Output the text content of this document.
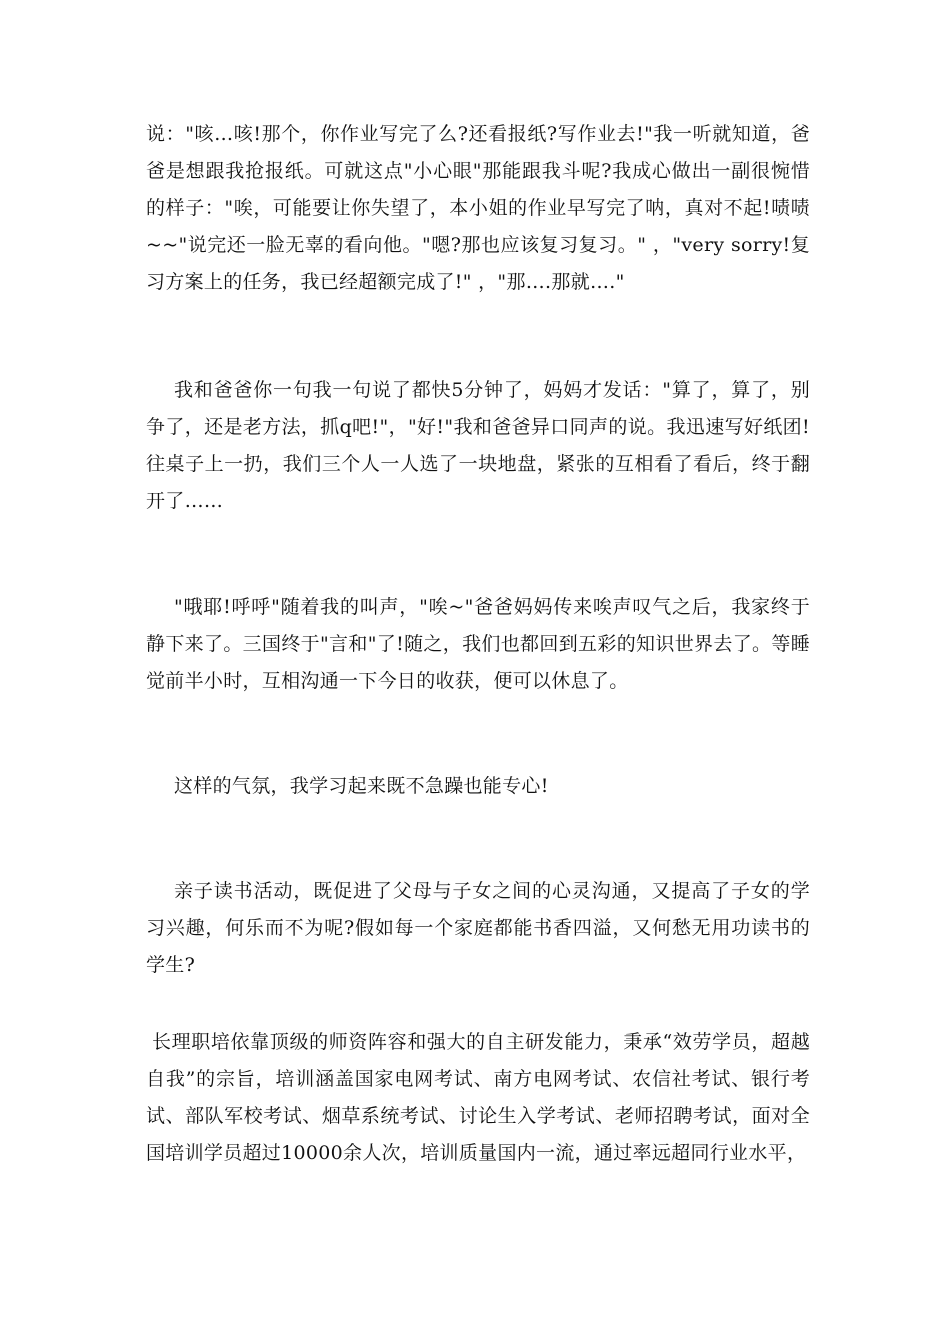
说："咳…咳!那个，你作业写完了么?还看报纸?写作业去!"我一听就知道，爸爸是想跟我抢报纸。可就这点"小心眼"那能跟我斗呢?我成心做出一副很惋惜的样子："唉，可能要让你失望了，本小姐的作业早写完了呐，真对不起!啧啧~~"说完还一脸无辜的看向他。"嗯?那也应该复习复习。" ，"very sorry!复习方案上的任务，我已经超额完成了!" ，"那….那就…."

我和爸爸你一句我一句说了都快5分钟了，妈妈才发话："算了，算了，别争了，还是老方法，抓q吧!"，"好!"我和爸爸异口同声的说。我迅速写好纸团!往桌子上一扔，我们三个人一人选了一块地盘，紧张的互相看了看后，终于翻开了……

"哦耶!呼呼"随着我的叫声，"唉~"爸爸妈妈传来唉声叹气之后，我家终于静下来了。三国终于"言和"了!随之，我们也都回到五彩的知识世界去了。等睡觉前半小时，互相沟通一下今日的收获，便可以休息了。

这样的气氛，我学习起来既不急躁也能专心!

亲子读书活动，既促进了父母与子女之间的心灵沟通，又提高了子女的学习兴趣，何乐而不为呢?假如每一个家庭都能书香四溢，又何愁无用功读书的学生?

长理职培依靠顶级的师资阵容和强大的自主研发能力，秉承“效劳学员，超越自我”的宗旨，培训涵盖国家电网考试、南方电网考试、农信社考试、银行考试、部队军校考试、烟草系统考试、讨论生入学考试、老师招聘考试，面对全国培训学员超过10000余人次，培训质量国内一流，通过率远超同行业水平，
